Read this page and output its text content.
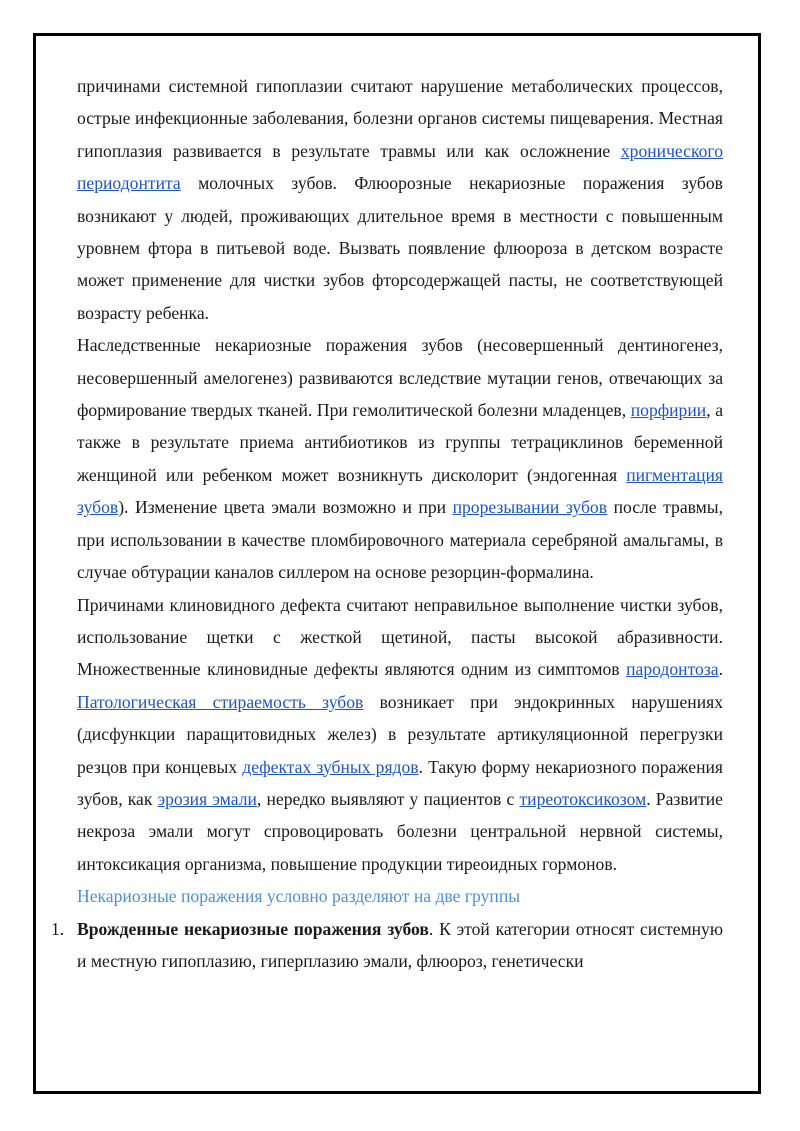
причинами системной гипоплазии считают нарушение метаболических процессов, острые инфекционные заболевания, болезни органов системы пищеварения. Местная гипоплазия развивается в результате травмы или как осложнение хронического периодонтита молочных зубов. Флюорозные некариозные поражения зубов возникают у людей, проживающих длительное время в местности с повышенным уровнем фтора в питьевой воде. Вызвать появление флюороза в детском возрасте может применение для чистки зубов фторсодержащей пасты, не соответствующей возрасту ребенка.

Наследственные некариозные поражения зубов (несовершенный дентиногенез, несовершенный амелогенез) развиваются вследствие мутации генов, отвечающих за формирование твердых тканей. При гемолитической болезни младенцев, порфирии, а также в результате приема антибиотиков из группы тетрациклинов беременной женщиной или ребенком может возникнуть дисколорит (эндогенная пигментация зубов). Изменение цвета эмали возможно и при прорезывании зубов после травмы, при использовании в качестве пломбировочного материала серебряной амальгамы, в случае обтурации каналов силлером на основе резорцин-формалина.

Причинами клиновидного дефекта считают неправильное выполнение чистки зубов, использование щетки с жесткой щетиной, пасты высокой абразивности. Множественные клиновидные дефекты являются одним из симптомов пародонтоза. Патологическая стираемость зубов возникает при эндокринных нарушениях (дисфункции паращитовидных желез) в результате артикуляционной перегрузки резцов при концевых дефектах зубных рядов. Такую форму некариозного поражения зубов, как эрозия эмали, нередко выявляют у пациентов с тиреотоксикозом. Развитие некроза эмали могут спровоцировать болезни центральной нервной системы, интоксикация организма, повышение продукции тиреоидных гормонов.

Некариозные поражения условно разделяют на две группы

1. Врожденные некариозные поражения зубов. К этой категории относят системную и местную гипоплазию, гиперплазию эмали, флюороз, генетически
